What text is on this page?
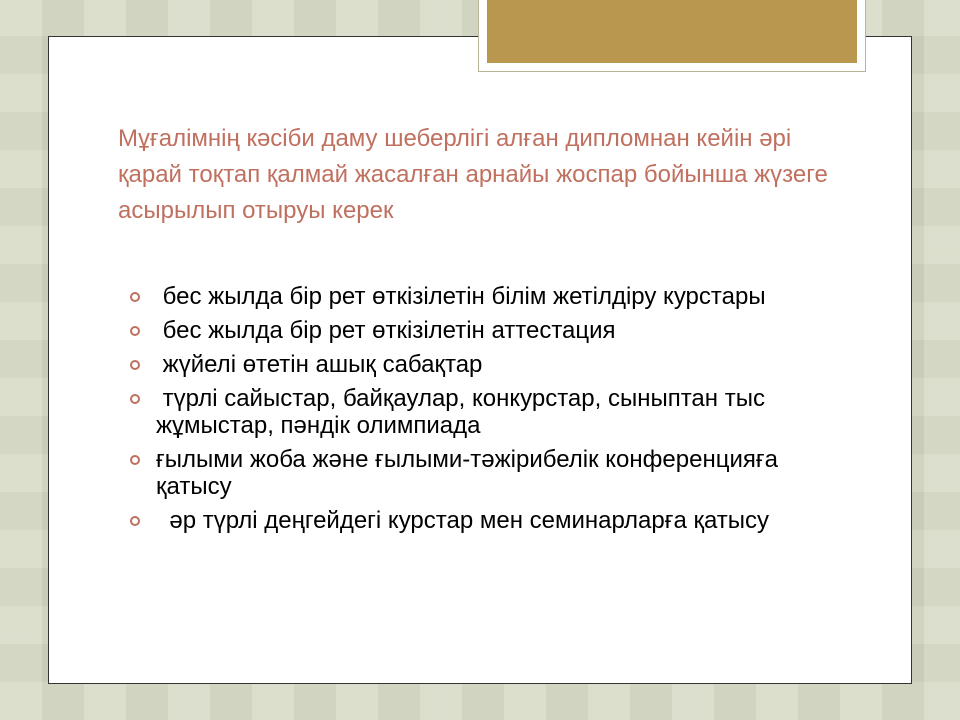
Мұғалімнің кәсіби даму шеберлігі алған дипломнан кейін әрі қарай тоқтап қалмай жасалған арнайы жоспар бойынша жүзеге асырылып отыруы керек
бес жылда бір рет өткізілетін білім жетілдіру курстары
бес жылда бір рет өткізілетін аттестация
жүйелі өтетін ашық сабақтар
түрлі сайыстар, байқаулар, конкурстар, сыныптан тыс жұмыстар, пәндік олимпиада
ғылыми жоба және ғылыми-тәжірибелік конференцияға қатысу
әр түрлі деңгейдегі курстар мен семинарларға қатысу
